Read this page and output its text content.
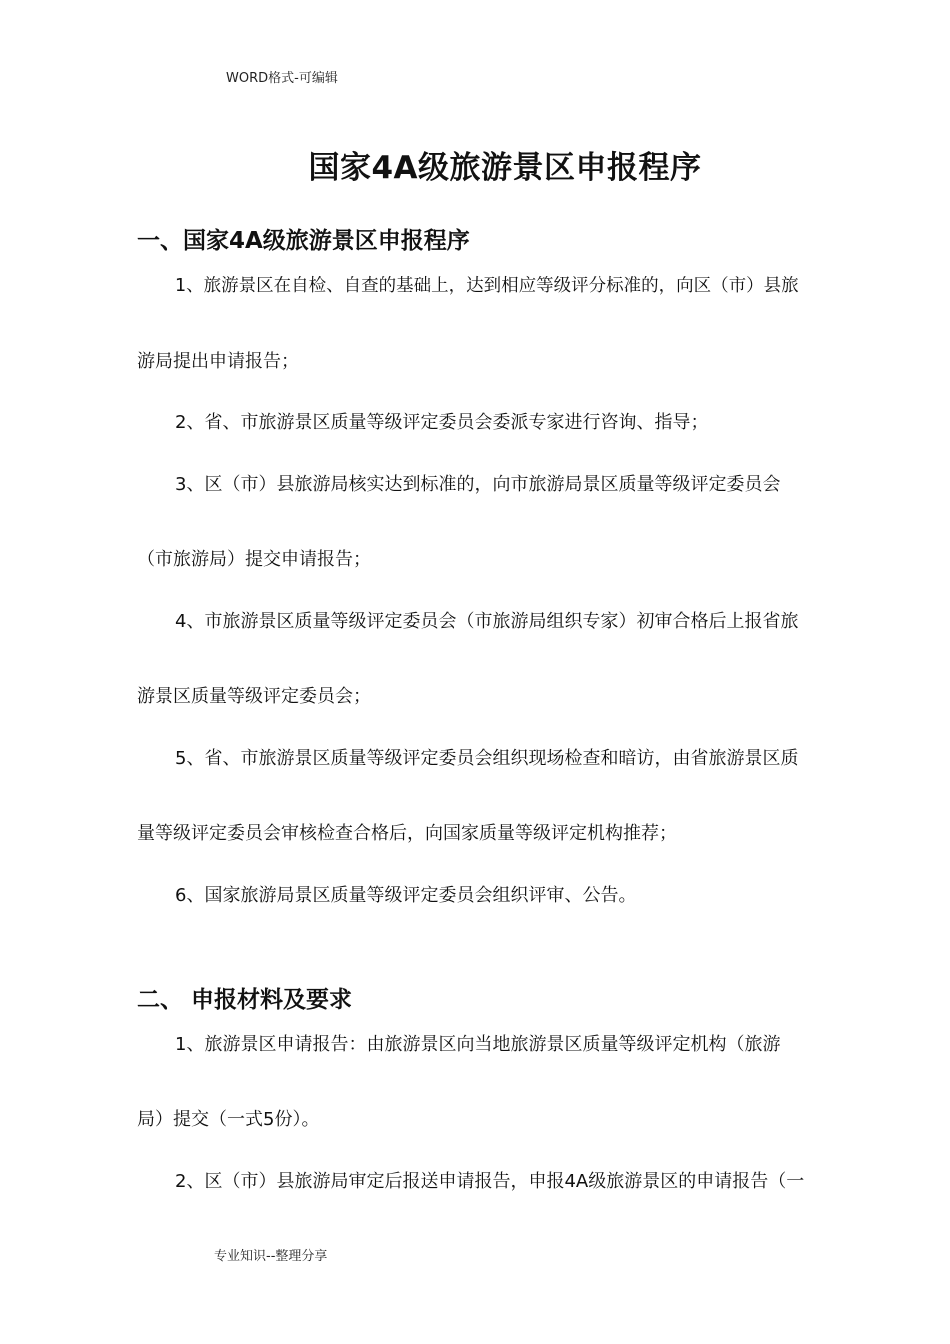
WORD格式-可编辑
国家4A级旅游景区申报程序
一、国家4A级旅游景区申报程序
1、旅游景区在自检、自查的基础上，达到相应等级评分标准的，向区（市）县旅
游局提出申请报告；
2、省、市旅游景区质量等级评定委员会委派专家进行咨询、指导；
3、区（市）县旅游局核实达到标准的，向市旅游局景区质量等级评定委员会
（市旅游局）提交申请报告；
4、市旅游景区质量等级评定委员会（市旅游局组织专家）初审合格后上报省旅
游景区质量等级评定委员会；
5、省、市旅游景区质量等级评定委员会组织现场检查和暗访，由省旅游景区质
量等级评定委员会审核检查合格后，向国家质量等级评定机构推荐；
6、国家旅游局景区质量等级评定委员会组织评审、公告。
二、 申报材料及要求
1、旅游景区申请报告：由旅游景区向当地旅游景区质量等级评定机构（旅游
局）提交（一式5份）。
2、区（市）县旅游局审定后报送申请报告，申报4A级旅游景区的申请报告（一
专业知识--整理分享
